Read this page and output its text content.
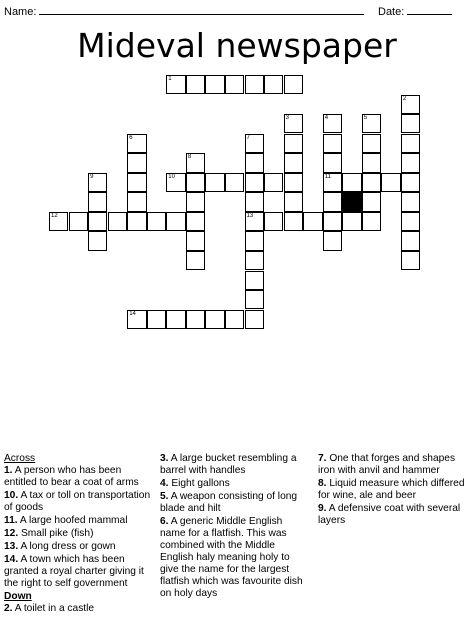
Name:	Date:
Mideval newspaper
1
2
3	4
11
5
6	7
13
8
9	10
12
14
Across
1. A person who has been entitled to bear a coat of arms
10. A tax or toll on transportation of goods
11. A large hoofed mammal
12. Small pike (fish)
13. A long dress or gown
14. A town which has been granted a royal charter giving it the right to self government
Down
2. A toilet in a castle
3. A large bucket resembling a barrel with handles
4. Eight gallons
5. A weapon consisting of long blade and hilt
6. A generic Middle English name for a flatfish. This was combined with the Middle English haly meaning holy to give the name for the largest flatfish which was favourite dish on holy days
7. One that forges and shapes iron with anvil and hammer
8. Liquid measure which differed for wine, ale and beer
9. A defensive coat with several layers
